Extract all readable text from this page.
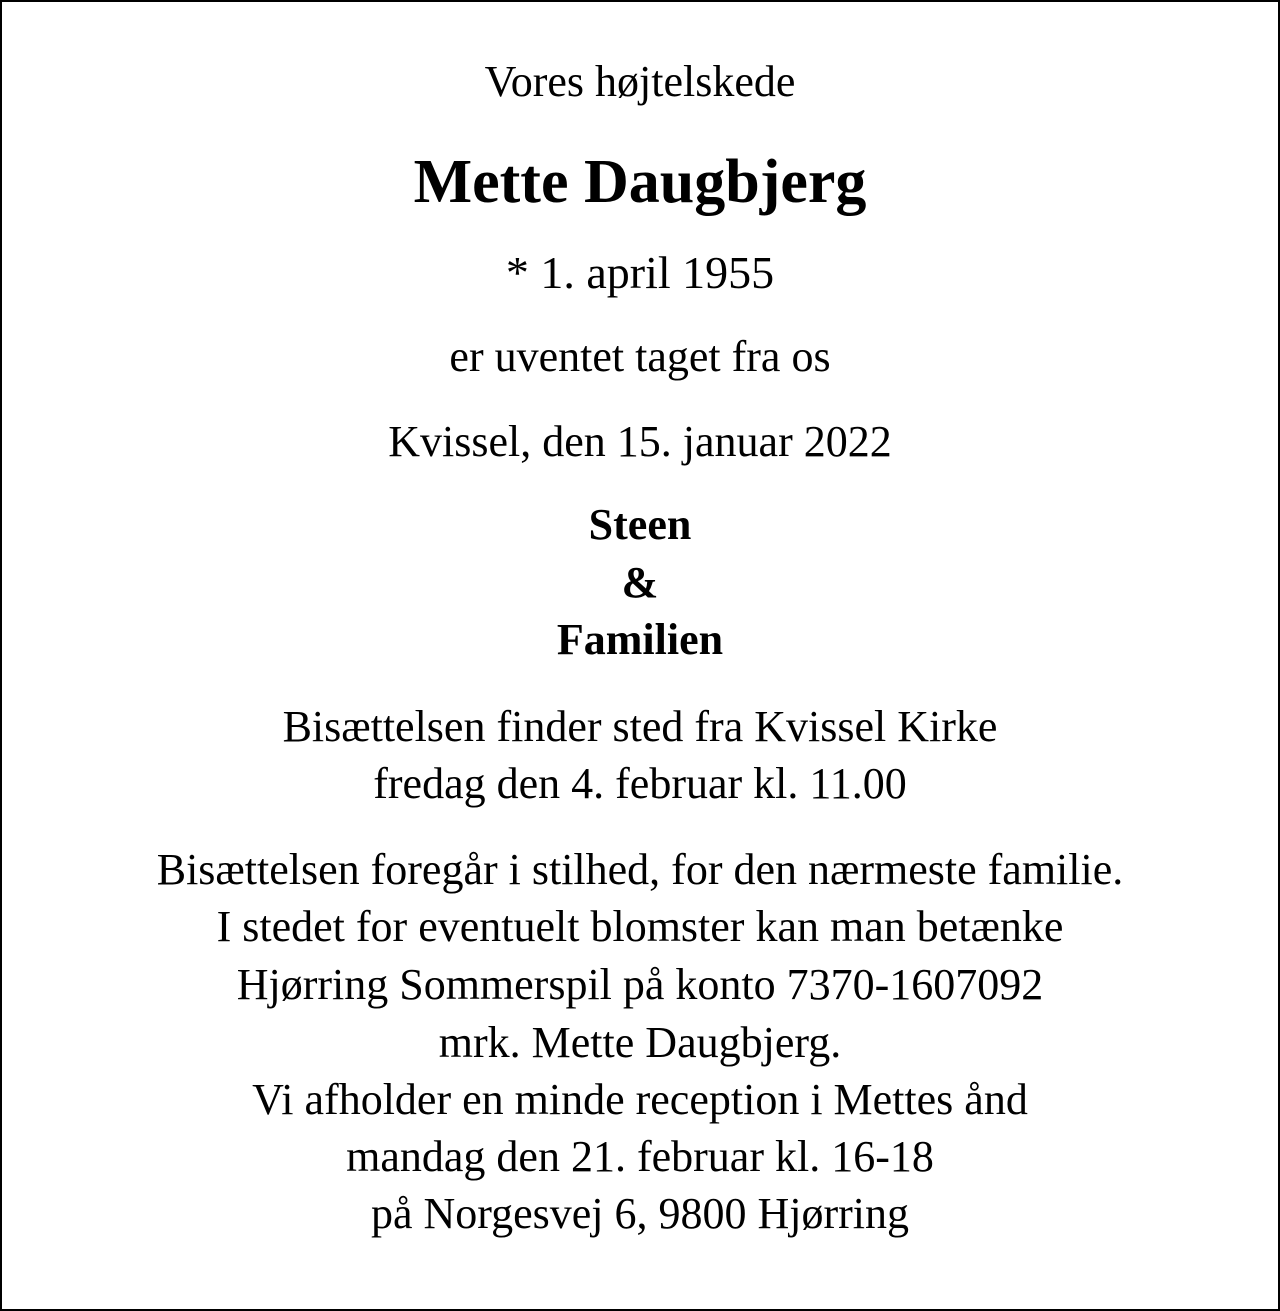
Vores højtelskede
Mette Daugbjerg
* 1. april 1955
er uventet taget fra os
Kvissel, den 15. januar 2022
Steen
&
Familien
Bisættelsen finder sted fra Kvissel Kirke
fredag den 4. februar kl. 11.00
Bisættelsen foregår i stilhed, for den nærmeste familie.
I stedet for eventuelt blomster kan man betænke
Hjørring Sommerspil på konto 7370-1607092
mrk. Mette Daugbjerg.
Vi afholder en minde reception i Mettes ånd
mandag den 21. februar kl. 16-18
på Norgesvej 6, 9800 Hjørring
